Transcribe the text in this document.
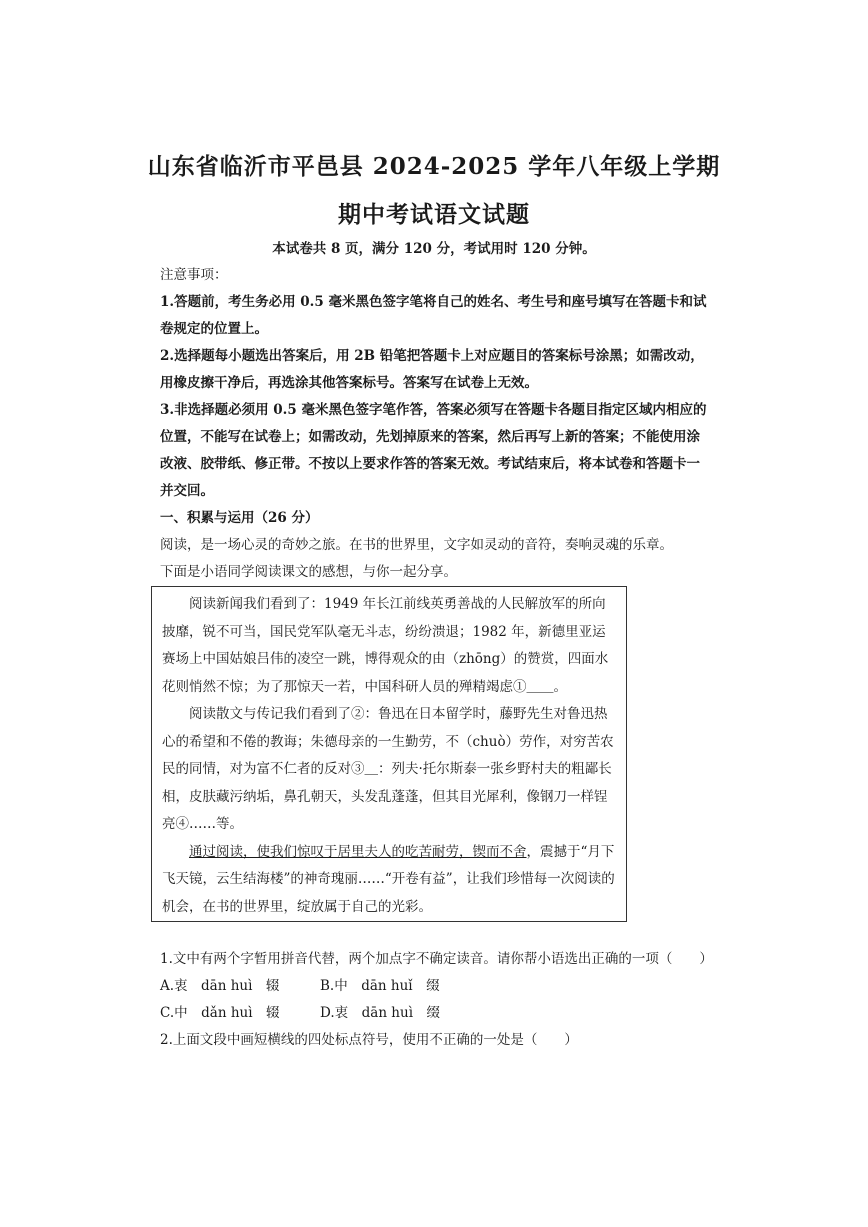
山东省临沂市平邑县 2024-2025 学年八年级上学期
期中考试语文试题
本试卷共 8 页，满分 120 分，考试用时 120 分钟。

注意事项：

1.答题前，考生务必用 0.5 毫米黑色签字笔将自己的姓名、考生号和座号填写在答题卡和试卷规定的位置上。

2.选择题每小题选出答案后，用 2B 铅笔把答题卡上对应题目的答案标号涂黑；如需改动，用橡皮擦干净后，再选涂其他答案标号。答案写在试卷上无效。

3.非选择题必须用 0.5 毫米黑色签字笔作答，答案必须写在答题卡各题目指定区域内相应的位置，不能写在试卷上；如需改动，先划掉原来的答案，然后再写上新的答案；不能使用涂改液、胶带纸、修正带。不按以上要求作答的答案无效。考试结束后，将本试卷和答题卡一并交回。

一、积累与运用（26 分）

阅读，是一场心灵的奇妙之旅。在书的世界里，文字如灵动的音符，奏响灵魂的乐章。

下面是小语同学阅读课文的感想，与你一起分享。

阅读新闻我们看到了：1949 年长江前线英勇善战的人民解放军的所向披靡，锐不可当，国民党军队毫无斗志，纷纷溃退；1982 年，新德里亚运赛场上中国姑娘吕伟的凌空一跳，博得观众的由（zhōng）的赞赏，四面水花则悄然不惊；为了那惊天一若，中国科研人员的殚精竭虑①＿＿。

阅读散文与传记我们看到了②：鲁迅在日本留学时，藤野先生对鲁迅热心的希望和不倦的教诲；朱德母亲的一生勤劳，不（chuò）劳作，对穷苦农民的同情，对为富不仁者的反对③＿：列夫·托尔斯泰一张乡野村夫的粗鄙长相，皮肤藏污纳垢，鼻孔朝天，头发乱蓬蓬，但其目光犀利，像钢刀一样锃亮④……等。

通过阅读，使我们惊叹于居里夫人的吃苦耐劳，锲而不舍，震撼于“月下飞天镜，云生结海楼”的神奇瑰丽……“开卷有益”，让我们珍惜每一次阅读的机会，在书的世界里，绽放属于自己的光彩。

1.文中有两个字暂用拼音代替，两个加点字不确定读音。请你帮小语选出正确的一项（　　）

A.衷　dān huì　辍	B.中　dān huǐ　缀

C.中　dǎn huì　辍	D.衷　dān huì　缀

2.上面文段中画短横线的四处标点符号，使用不正确的一处是（　　）
